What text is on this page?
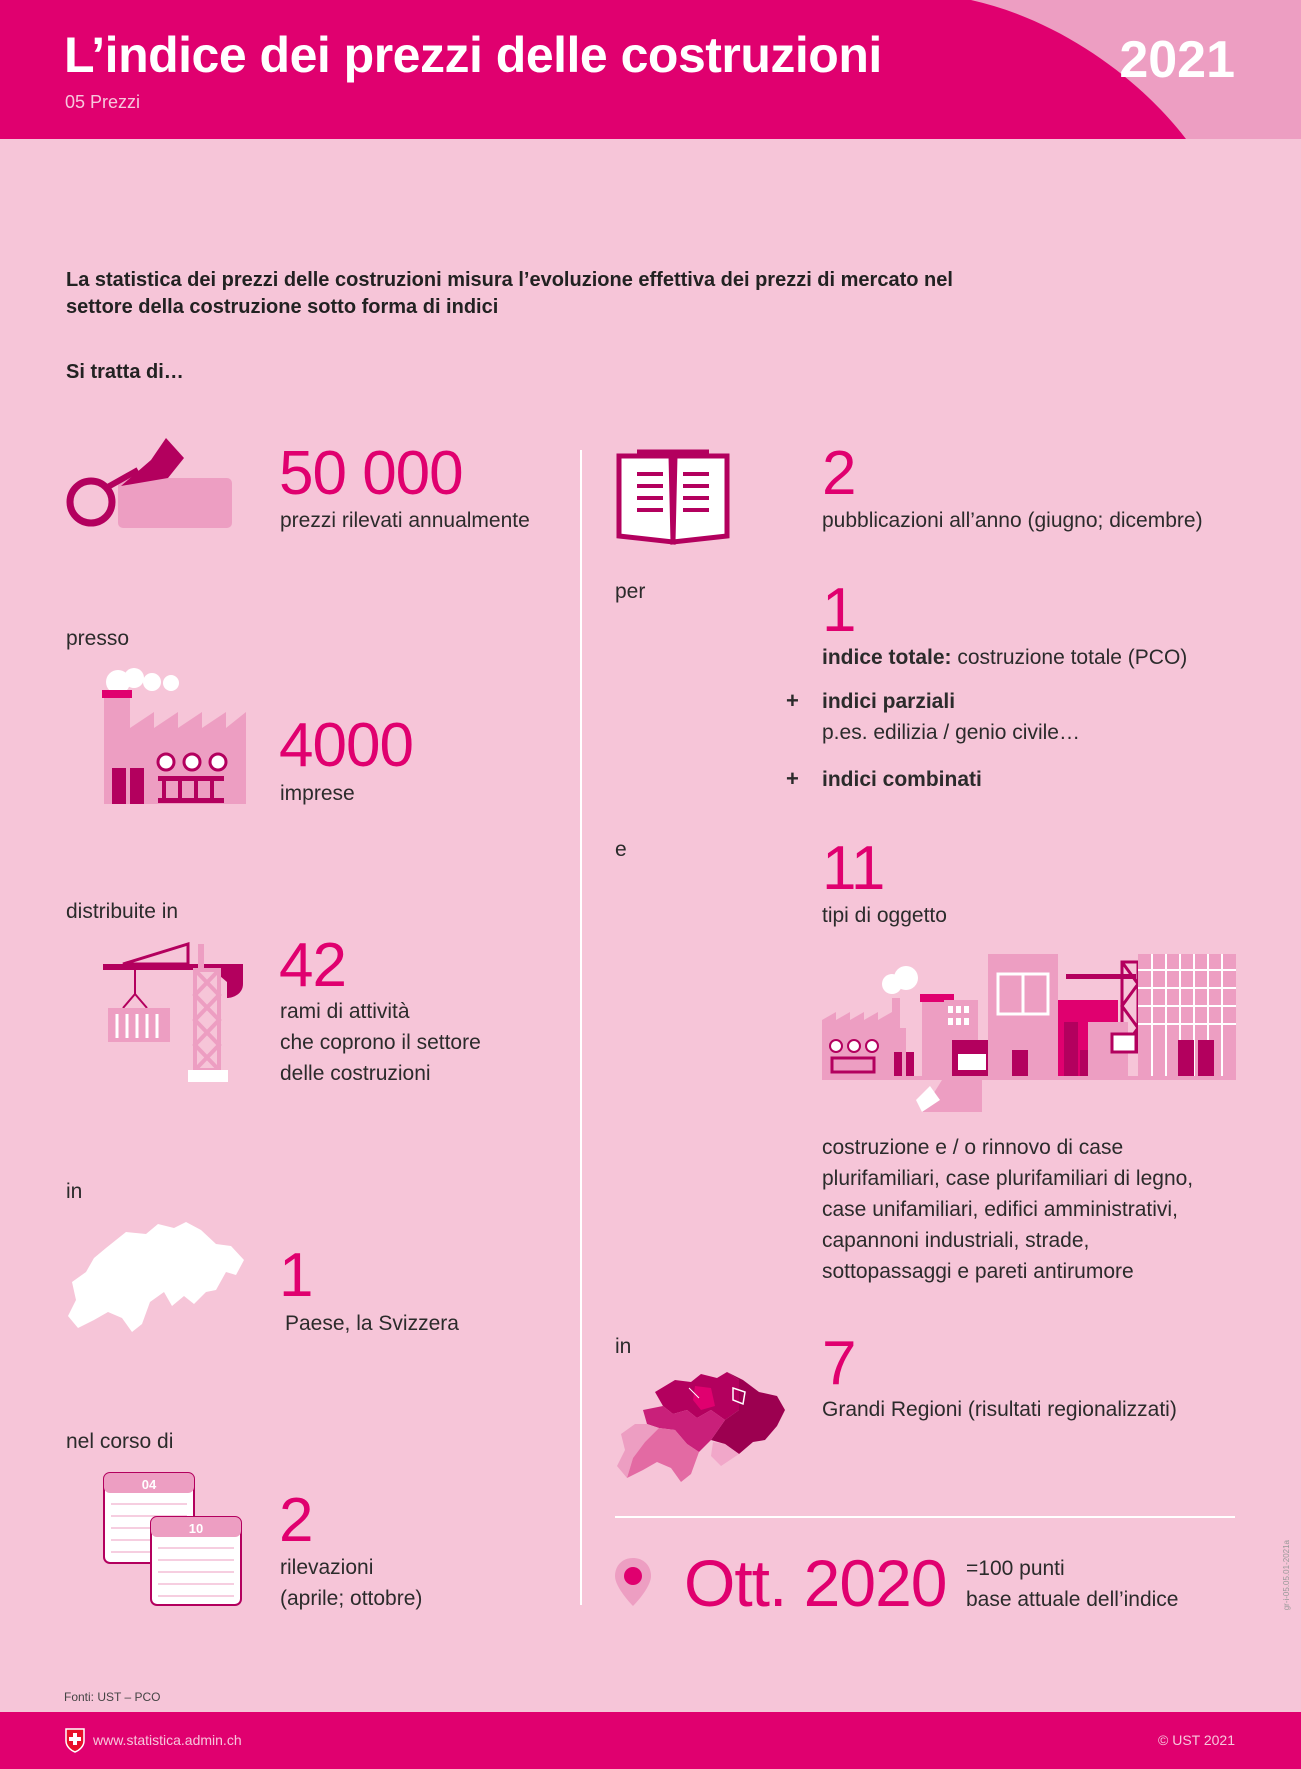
L’indice dei prezzi delle costruzioni
05 Prezzi
2021
La statistica dei prezzi delle costruzioni misura l’evoluzione effettiva dei prezzi di mercato nel settore della costruzione sotto forma di indici
Si tratta di…
50 000
prezzi rilevati annualmente
presso
4000
imprese
distribuite in
42
rami di attività
che coprono il settore
delle costruzioni
in
1
Paese, la Svizzera
nel corso di
04
10 2
rilevazioni
(aprile; ottobre)
2
pubblicazioni all’anno (giugno; dicembre)
per	1
indice totale: costruzione totale (PCO)
+ indici parziali
p.es. edilizia / genio civile…
+ indici combinati
e	11
tipi di oggetto
costruzione e / o rinnovo di case
plurifamiliari, case plurifamiliari di legno,
case unifamiliari, edifici amministrativi,
capannoni industriali, strade,
sottopassaggi e pareti antirumore
in	7
Grandi Regioni (risultati regionalizzati)
Ott. 2020 =100 punti
base attuale dell’indice	gr-i-05.05.01-2021a
Fonti: UST – PCO
www.statistica.admin.ch	© UST 2021
